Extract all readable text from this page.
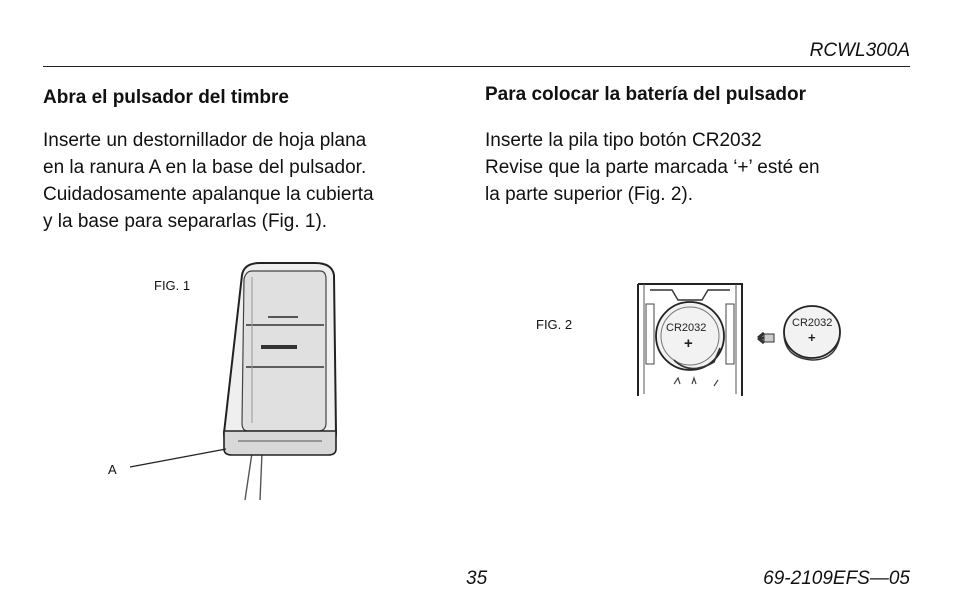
RCWL300A
Abra el pulsador del timbre
Inserte un destornillador de hoja plana
en la ranura A en la base del pulsador.
Cuidadosamente apalanque la cubierta
y la base para separarlas (Fig. 1).
Para colocar la batería del pulsador
Inserte la pila tipo botón CR2032
Revise que la parte marcada ‘+’ esté en
la parte superior (Fig. 2).
FIG. 1
A
FIG. 2	CR2032
+
CR2032
+
35	69-2109EFS—05
